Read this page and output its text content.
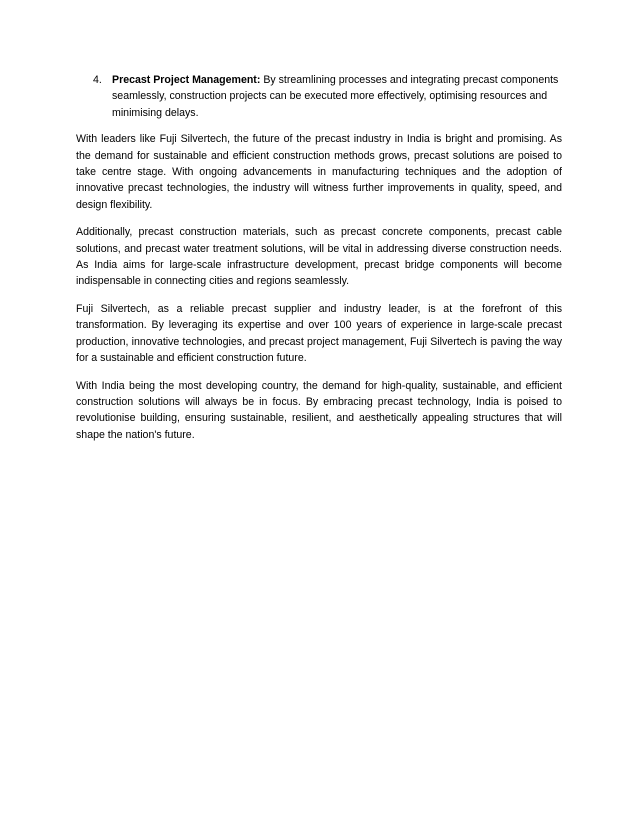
4. Precast Project Management: By streamlining processes and integrating precast components seamlessly, construction projects can be executed more effectively, optimising resources and minimising delays.

With leaders like Fuji Silvertech, the future of the precast industry in India is bright and promising. As the demand for sustainable and efficient construction methods grows, precast solutions are poised to take centre stage. With ongoing advancements in manufacturing techniques and the adoption of innovative precast technologies, the industry will witness further improvements in quality, speed, and design flexibility.

Additionally, precast construction materials, such as precast concrete components, precast cable solutions, and precast water treatment solutions, will be vital in addressing diverse construction needs. As India aims for large-scale infrastructure development, precast bridge components will become indispensable in connecting cities and regions seamlessly.

Fuji Silvertech, as a reliable precast supplier and industry leader, is at the forefront of this transformation. By leveraging its expertise and over 100 years of experience in large-scale precast production, innovative technologies, and precast project management, Fuji Silvertech is paving the way for a sustainable and efficient construction future.

With India being the most developing country, the demand for high-quality, sustainable, and efficient construction solutions will always be in focus. By embracing precast technology, India is poised to revolutionise building, ensuring sustainable, resilient, and aesthetically appealing structures that will shape the nation's future.
